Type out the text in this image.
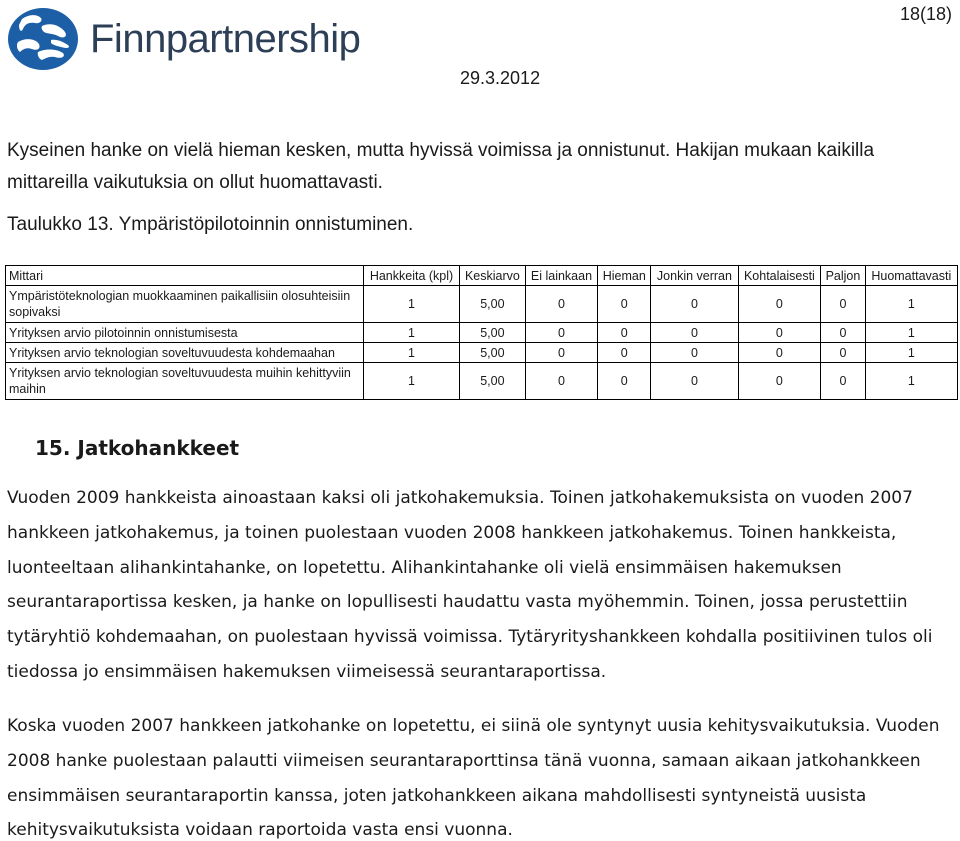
Finnpartnership
18(18)
29.3.2012

Kyseinen hanke on vielä hieman kesken, mutta hyvissä voimissa ja onnistunut. Hakijan mukaan kaikilla mittareilla vaikutuksia on ollut huomattavasti.

Taulukko 13. Ympäristöpilotoinnin onnistuminen.

Mittari	Hankkeita (kpl)	Keskiarvo	Ei lainkaan	Hieman	Jonkin verran	Kohtalaisesti	Paljon	Huomattavasti
Ympäristöteknologian muokkaaminen paikallisiin olosuhteisiin sopivaksi	1	5,00	0	0	0	0	0	1
Yrityksen arvio pilotoinnin onnistumisesta	1	5,00	0	0	0	0	0	1
Yrityksen arvio teknologian soveltuvuudesta kohdemaahan	1	5,00	0	0	0	0	0	1
Yrityksen arvio teknologian soveltuvuudesta muihin kehittyviin maihin	1	5,00	0	0	0	0	0	1
15. Jatkohankkeet

Vuoden 2009 hankkeista ainoastaan kaksi oli jatkohakemuksia. Toinen jatkohakemuksista on vuoden 2007 hankkeen jatkohakemus, ja toinen puolestaan vuoden 2008 hankkeen jatkohakemus. Toinen hankkeista, luonteeltaan alihankintahanke, on lopetettu. Alihankintahanke oli vielä ensimmäisen hakemuksen seurantaraportissa kesken, ja hanke on lopullisesti haudattu vasta myöhemmin. Toinen, jossa perustettiin tytäryhtiö kohdemaahan, on puolestaan hyvissä voimissa. Tytäryrityshankkeen kohdalla positiivinen tulos oli tiedossa jo ensimmäisen hakemuksen viimeisessä seurantaraportissa.

Koska vuoden 2007 hankkeen jatkohanke on lopetettu, ei siinä ole syntynyt uusia kehitysvaikutuksia. Vuoden 2008 hanke puolestaan palautti viimeisen seurantaraporttinsa tänä vuonna, samaan aikaan jatkohankkeen ensimmäisen seurantaraportin kanssa, joten jatkohankkeen aikana mahdollisesti syntyneistä uusista kehitysvaikutuksista voidaan raportoida vasta ensi vuonna.
